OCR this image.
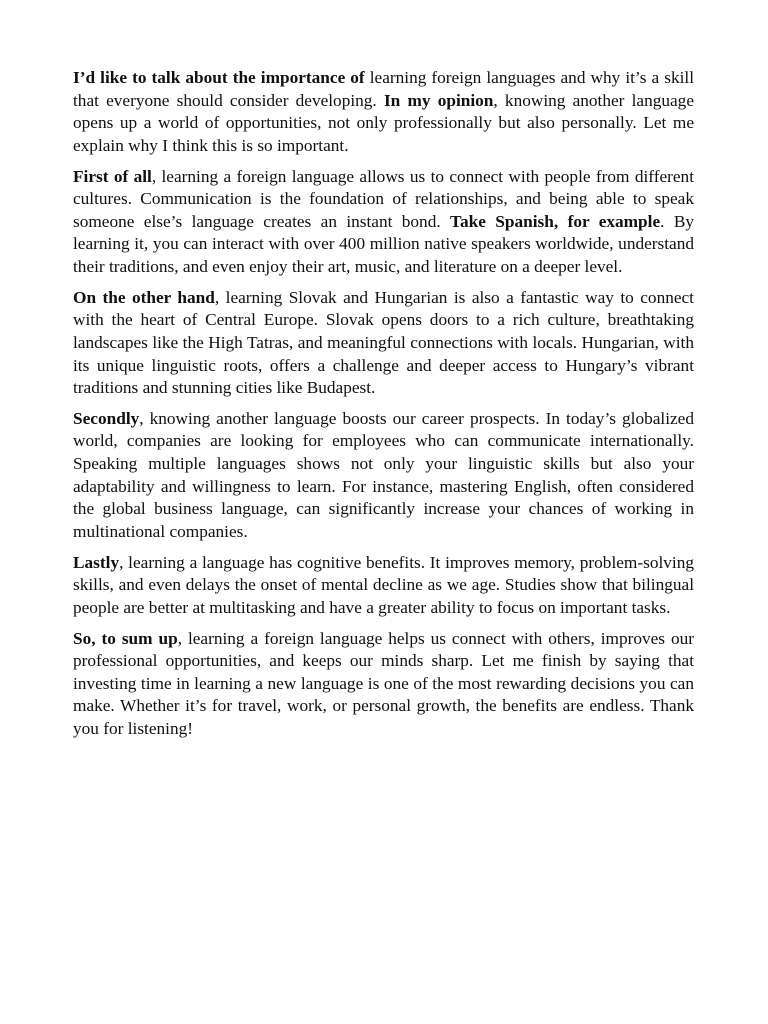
I’d like to talk about the importance of learning foreign languages and why it’s a skill that everyone should consider developing. In my opinion, knowing another language opens up a world of opportunities, not only professionally but also personally. Let me explain why I think this is so important.

First of all, learning a foreign language allows us to connect with people from different cultures. Communication is the foundation of relationships, and being able to speak someone else’s language creates an instant bond. Take Spanish, for example. By learning it, you can interact with over 400 million native speakers worldwide, understand their traditions, and even enjoy their art, music, and literature on a deeper level.

On the other hand, learning Slovak and Hungarian is also a fantastic way to connect with the heart of Central Europe. Slovak opens doors to a rich culture, breathtaking landscapes like the High Tatras, and meaningful connections with locals. Hungarian, with its unique linguistic roots, offers a challenge and deeper access to Hungary’s vibrant traditions and stunning cities like Budapest.

Secondly, knowing another language boosts our career prospects. In today’s globalized world, companies are looking for employees who can communicate internationally. Speaking multiple languages shows not only your linguistic skills but also your adaptability and willingness to learn. For instance, mastering English, often considered the global business language, can significantly increase your chances of working in multinational companies.

Lastly, learning a language has cognitive benefits. It improves memory, problem-solving skills, and even delays the onset of mental decline as we age. Studies show that bilingual people are better at multitasking and have a greater ability to focus on important tasks.

So, to sum up, learning a foreign language helps us connect with others, improves our professional opportunities, and keeps our minds sharp. Let me finish by saying that investing time in learning a new language is one of the most rewarding decisions you can make. Whether it’s for travel, work, or personal growth, the benefits are endless. Thank you for listening!
